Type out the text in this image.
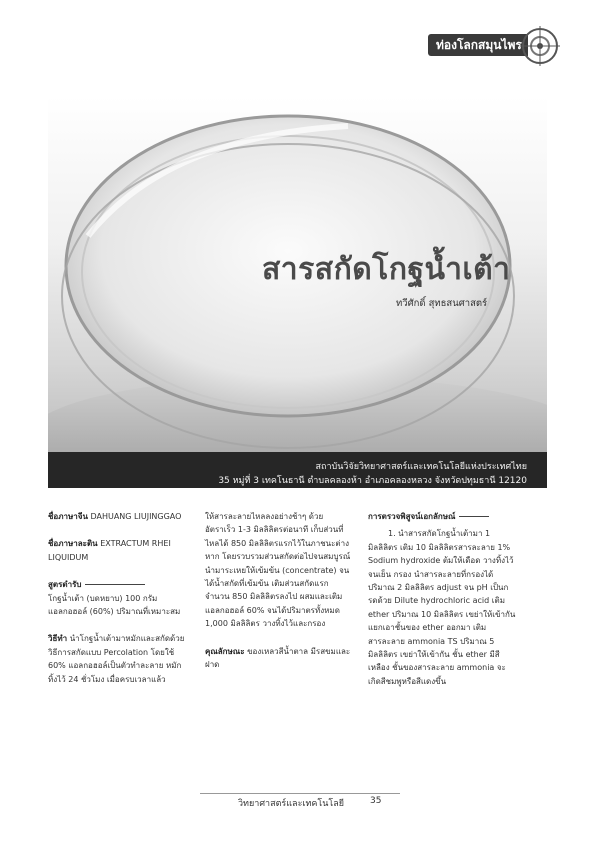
ท่องโลกสมุนไพร
สารสกัดโกฐน้ำเต้า
ทวีศักดิ์ สุทธสนศาสตร์
สถาบันวิจัยวิทยาศาสตร์และเทคโนโลยีแห่งประเทศไทย
35 หมู่ที่ 3 เทคโนธานี ตำบลคลองห้า อำเภอคลองหลวง จังหวัดปทุมธานี 12120

ชื่อภาษาจีน DAHUANG LIUJINGGAO

ชื่อภาษาละติน EXTRACTUM RHEI LIQUIDUM

สูตรตำรับ
โกฐน้ำเต้า (บดหยาบ) 100 กรัม แอลกอฮอล์ (60%) ปริมาณที่เหมาะสม

วิธีทำ นำโกฐน้ำเต้ามาหมักและสกัดด้วยวิธีการสกัดแบบ Percolation โดยใช้ 60% แอลกอฮอล์เป็นตัวทำละลาย หมักทิ้งไว้ 24 ชั่วโมง เมื่อครบเวลาแล้ว

ให้สารละลายไหลลงอย่างช้าๆ ด้วยอัตราเร็ว 1-3 มิลลิลิตรต่อนาที เก็บส่วนที่ไหลได้ 850 มิลลิลิตรแรกไว้ในภาชนะต่างหาก โดยรวบรวมส่วนสกัดต่อไปจนสมบูรณ์ นำมาระเหยให้เข้มข้น (concentrate) จนได้น้ำสกัดที่เข้มข้น เติมส่วนสกัดแรกจำนวน 850 มิลลิลิตรลงไป ผสมและเติมแอลกอฮอล์ 60% จนได้ปริมาตรทั้งหมด 1,000 มิลลิลิตร วางทิ้งไว้และกรอง

คุณลักษณะ ของเหลวสีน้ำตาล มีรสขมและฝาด

การตรวจพิสูจน์เอกลักษณ์

1. นำสารสกัดโกฐน้ำเต้ามา 1 มิลลิลิตร เติม 10 มิลลิลิตรสารละลาย 1% Sodium hydroxide ต้มให้เดือด วางทิ้งไว้จนเย็น กรอง นำสารละลายที่กรองได้ปริมาณ 2 มิลลิลิตร adjust จน pH เป็นกรดด้วย Dilute hydrochloric acid เติม ether ปริมาณ 10 มิลลิลิตร เขย่าให้เข้ากัน แยกเอาชั้นของ ether ออกมา เติมสารละลาย ammonia TS ปริมาณ 5 มิลลิลิตร เขย่าให้เข้ากัน ชั้น ether มีสีเหลือง ชั้นของสารละลาย ammonia จะเกิดสีชมพูหรือสีแดงขึ้น

วิทยาศาสตร์และเทคโนโลยี	35
